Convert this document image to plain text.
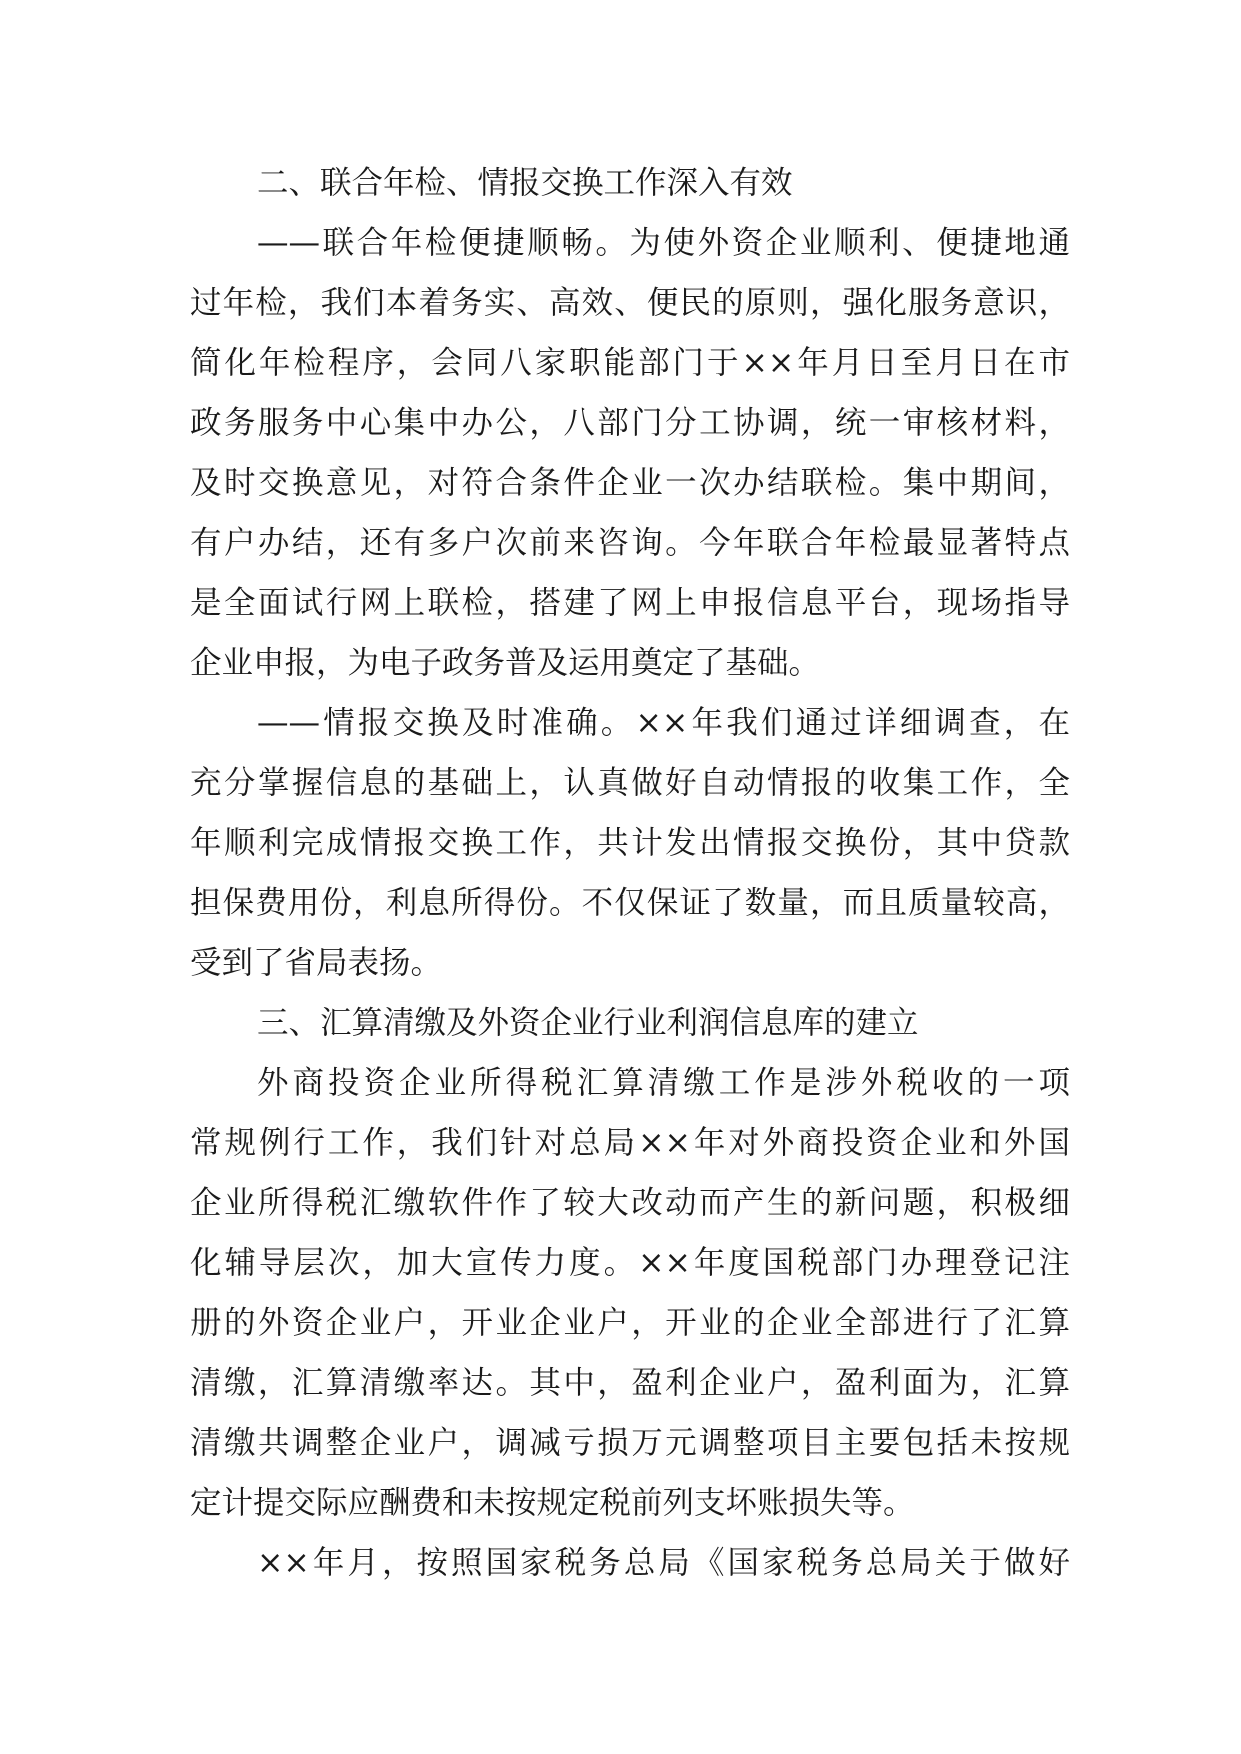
二、联合年检、情报交换工作深入有效

——联合年检便捷顺畅。为使外资企业顺利、便捷地通

过年检，我们本着务实、高效、便民的原则，强化服务意识，

简化年检程序，会同八家职能部门于××年月日至月日在市

政务服务中心集中办公，八部门分工协调，统一审核材料，

及时交换意见，对符合条件企业一次办结联检。集中期间，

有户办结，还有多户次前来咨询。今年联合年检最显著特点

是全面试行网上联检，搭建了网上申报信息平台，现场指导

企业申报，为电子政务普及运用奠定了基础。

——情报交换及时准确。××年我们通过详细调查，在

充分掌握信息的基础上，认真做好自动情报的收集工作，全

年顺利完成情报交换工作，共计发出情报交换份，其中贷款

担保费用份，利息所得份。不仅保证了数量，而且质量较高，

受到了省局表扬。

三、汇算清缴及外资企业行业利润信息库的建立

外商投资企业所得税汇算清缴工作是涉外税收的一项

常规例行工作，我们针对总局××年对外商投资企业和外国

企业所得税汇缴软件作了较大改动而产生的新问题，积极细

化辅导层次，加大宣传力度。××年度国税部门办理登记注

册的外资企业户，开业企业户，开业的企业全部进行了汇算

清缴，汇算清缴率达。其中，盈利企业户，盈利面为，汇算

清缴共调整企业户，调减亏损万元调整项目主要包括未按规

定计提交际应酬费和未按规定税前列支坏账损失等。

××年月，按照国家税务总局《国家税务总局关于做好
